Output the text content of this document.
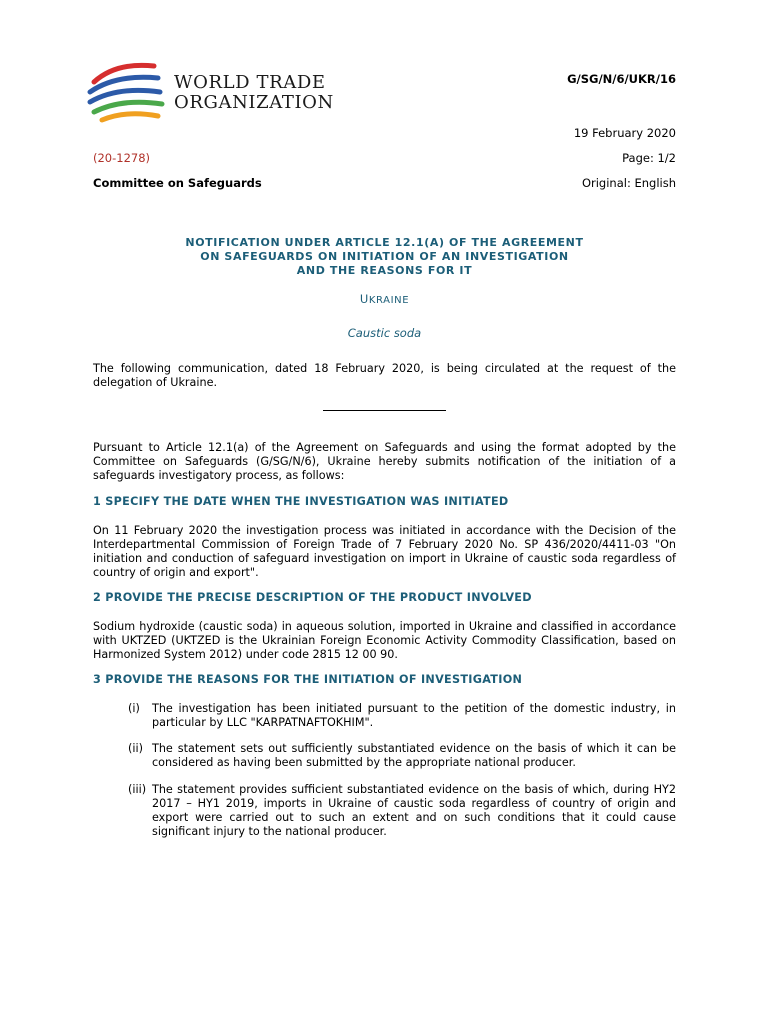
WORLD TRADE
ORGANIZATION
G/SG/N/6/UKR/16
19 February 2020
(20-1278)	Page: 1/2
Committee on Safeguards	Original: English
NOTIFICATION UNDER ARTICLE 12.1(A) OF THE AGREEMENT
ON SAFEGUARDS ON INITIATION OF AN INVESTIGATION
AND THE REASONS FOR IT
UKRAINE
Caustic soda
The following communication, dated 18 February 2020, is being circulated at the request of the delegation of Ukraine.
Pursuant to Article 12.1(a) of the Agreement on Safeguards and using the format adopted by the Committee on Safeguards (G/SG/N/6), Ukraine hereby submits notification of the initiation of a safeguards investigatory process, as follows:
1 SPECIFY THE DATE WHEN THE INVESTIGATION WAS INITIATED
On 11 February 2020 the investigation process was initiated in accordance with the Decision of the Interdepartmental Commission of Foreign Trade of 7 February 2020 No. SP 436/2020/4411-03 "On initiation and conduction of safeguard investigation on import in Ukraine of caustic soda regardless of country of origin and export".
2 PROVIDE THE PRECISE DESCRIPTION OF THE PRODUCT INVOLVED
Sodium hydroxide (caustic soda) in aqueous solution, imported in Ukraine and classified in accordance with UKTZED (UKTZED is the Ukrainian Foreign Economic Activity Commodity Classification, based on Harmonized System 2012) under code 2815 12 00 90.
3 PROVIDE THE REASONS FOR THE INITIATION OF INVESTIGATION
(i)	The investigation has been initiated pursuant to the petition of the domestic industry, in particular by LLC "KARPATNAFTOKHIM".
(ii) The statement sets out sufficiently substantiated evidence on the basis of which it can be considered as having been submitted by the appropriate national producer.
(iii) The statement provides sufficient substantiated evidence on the basis of which, during HY2 2017 – HY1 2019, imports in Ukraine of caustic soda regardless of country of origin and export were carried out to such an extent and on such conditions that it could cause significant injury to the national producer.
